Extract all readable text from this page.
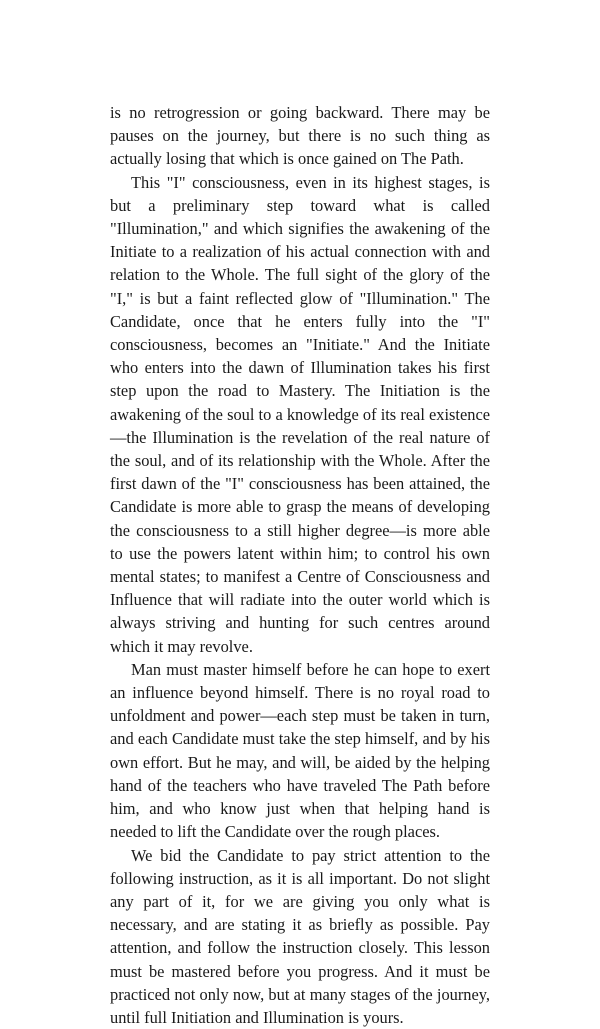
is no retrogression or going backward. There may be pauses on the journey, but there is no such thing as actually losing that which is once gained on The Path.

This "I" consciousness, even in its highest stages, is but a preliminary step toward what is called "Illumination," and which signifies the awakening of the Initiate to a realization of his actual connection with and relation to the Whole. The full sight of the glory of the "I," is but a faint reflected glow of "Illumination." The Candidate, once that he enters fully into the "I" consciousness, becomes an "Initiate." And the Initiate who enters into the dawn of Illumination takes his first step upon the road to Mastery. The Initiation is the awakening of the soul to a knowledge of its real existence—the Illumination is the revelation of the real nature of the soul, and of its relationship with the Whole. After the first dawn of the "I" consciousness has been attained, the Candidate is more able to grasp the means of developing the consciousness to a still higher degree—is more able to use the powers latent within him; to control his own mental states; to manifest a Centre of Consciousness and Influence that will radiate into the outer world which is always striving and hunting for such centres around which it may revolve.

Man must master himself before he can hope to exert an influence beyond himself. There is no royal road to unfoldment and power—each step must be taken in turn, and each Candidate must take the step himself, and by his own effort. But he may, and will, be aided by the helping hand of the teachers who have traveled The Path before him, and who know just when that helping hand is needed to lift the Candidate over the rough places.

We bid the Candidate to pay strict attention to the following instruction, as it is all important. Do not slight any part of it, for we are giving you only what is necessary, and are stating it as briefly as possible. Pay attention, and follow the instruction closely. This lesson must be mastered before you progress. And it must be practiced not only now, but at many stages of the journey, until full Initiation and Illumination is yours.
